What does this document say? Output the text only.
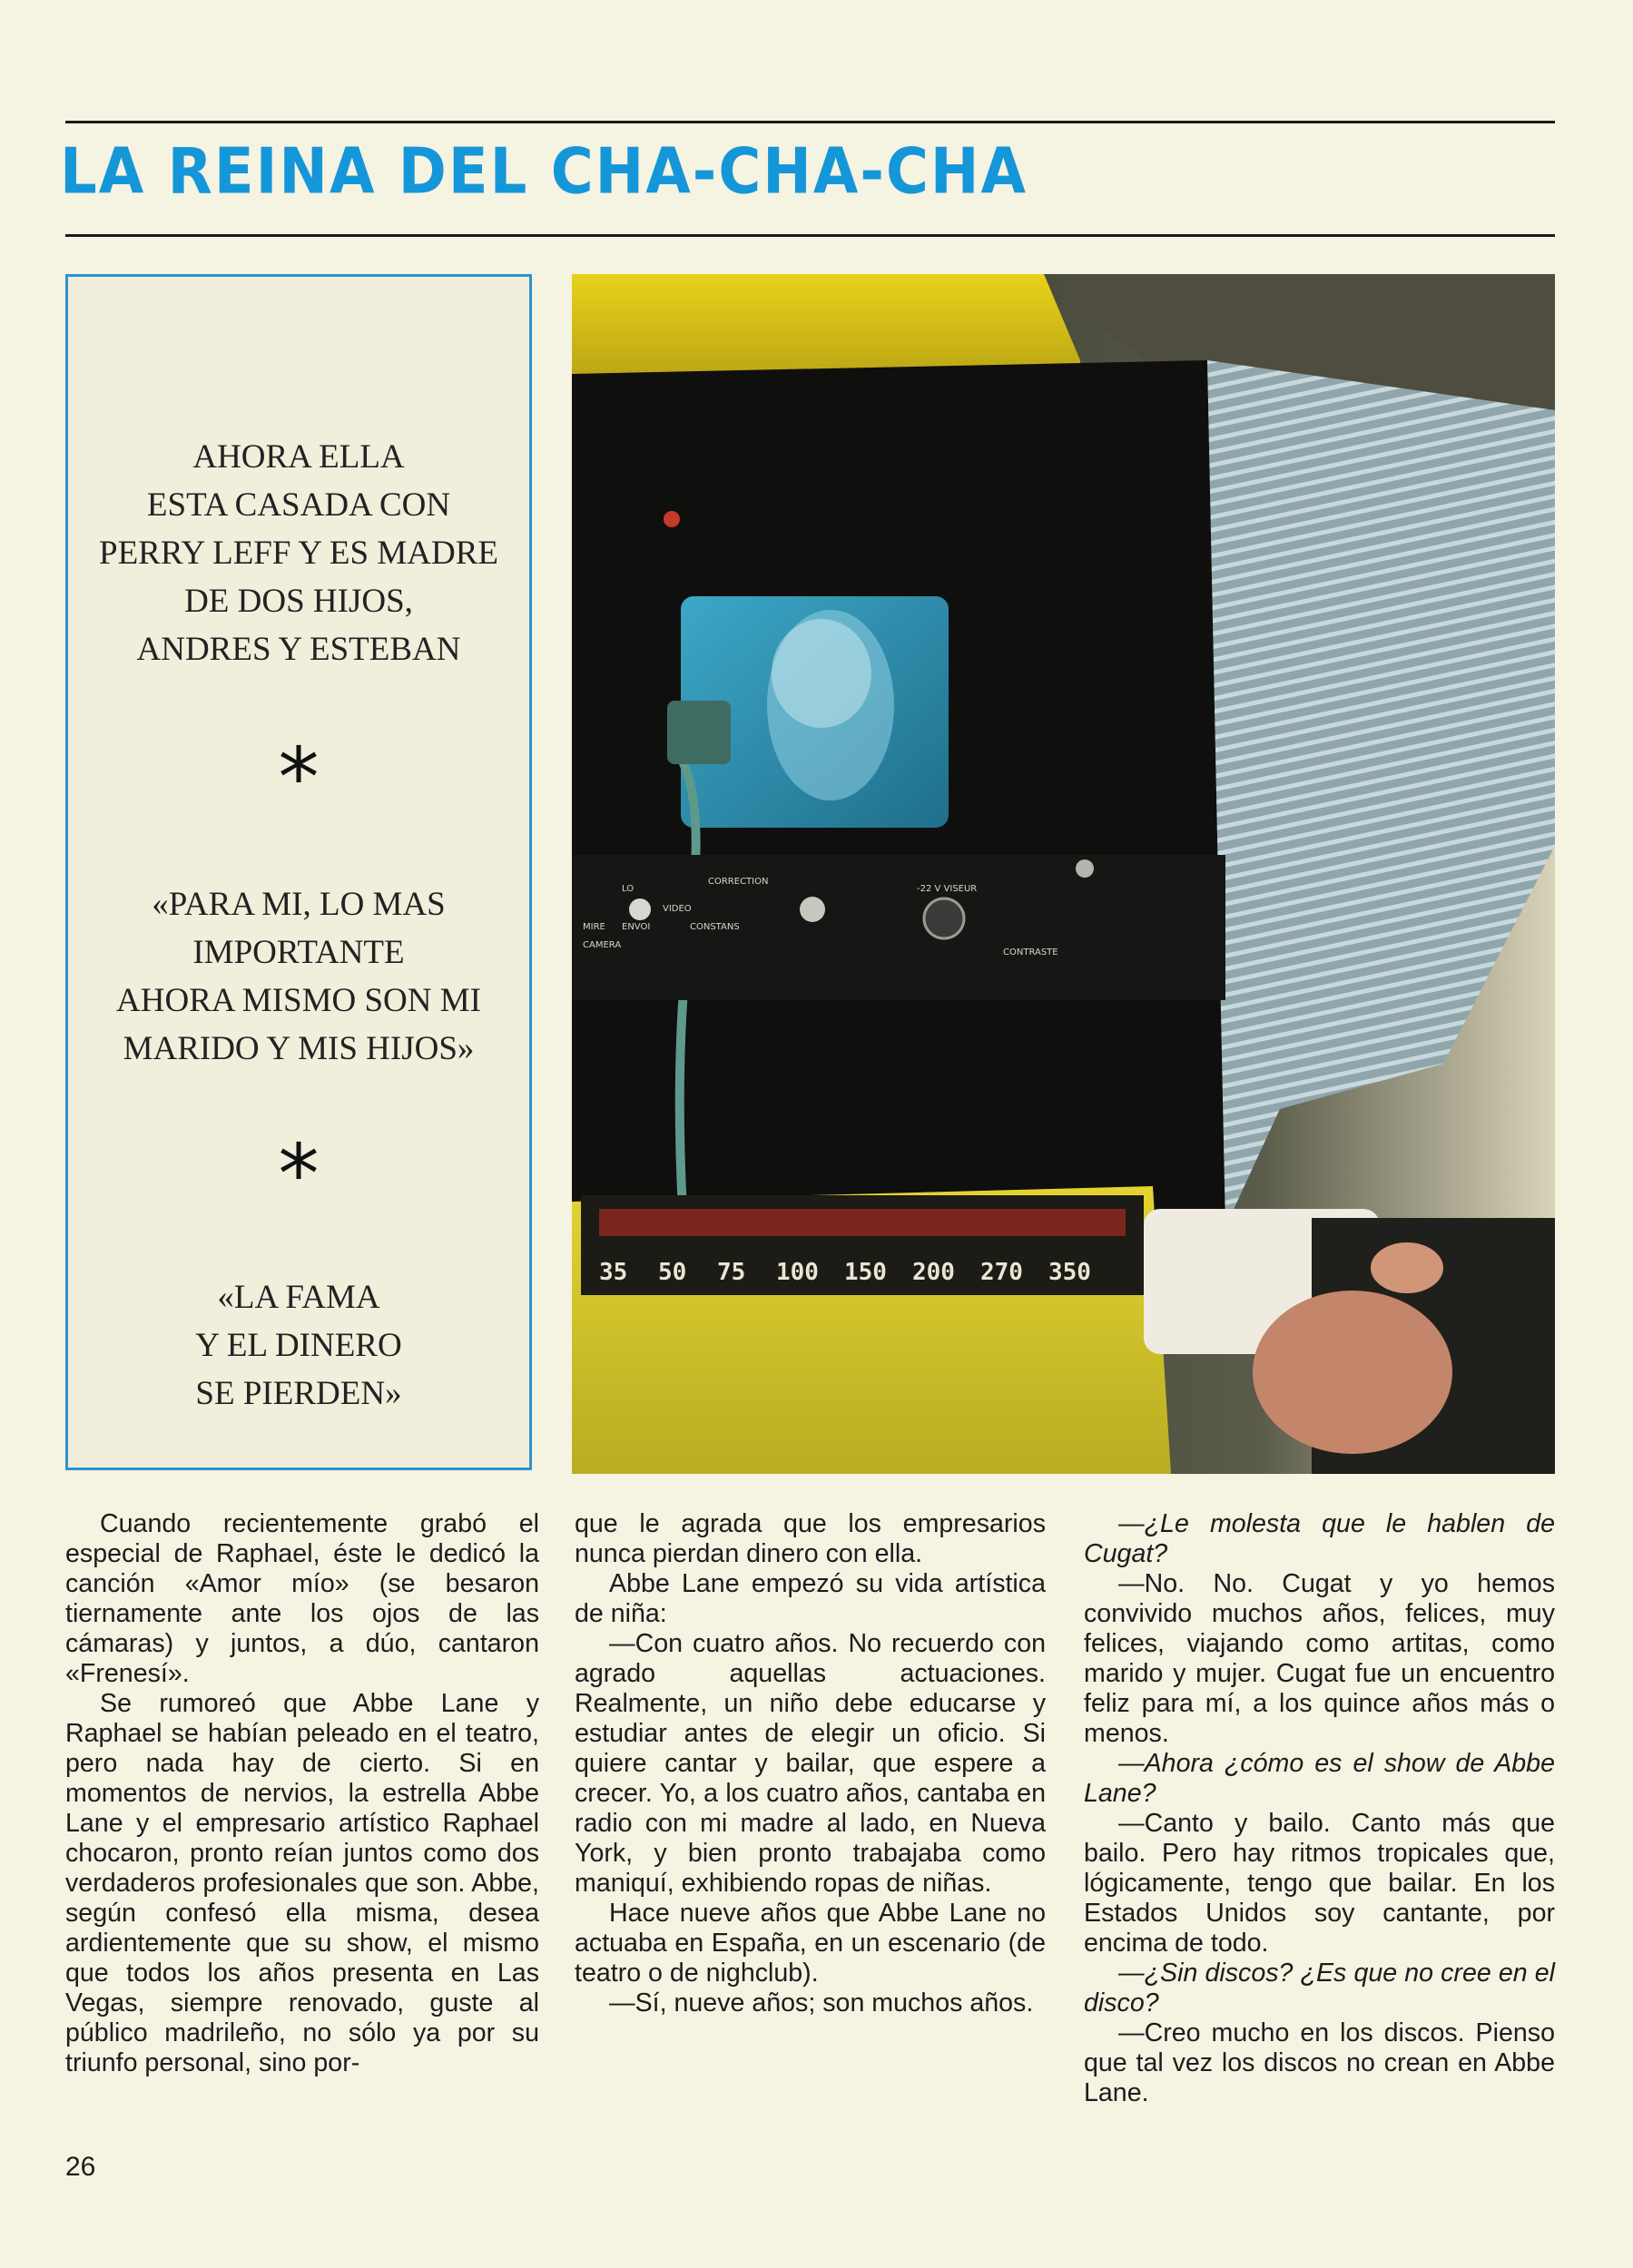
LA REINA DEL CHA-CHA-CHA
AHORA ELLA
ESTA CASADA CON
PERRY LEFF Y ES MADRE
DE DOS HIJOS,
ANDRES Y ESTEBAN
*
«PARA MI, LO MAS
IMPORTANTE
AHORA MISMO SON MI
MARIDO Y MIS HIJOS»
*
«LA FAMA
Y EL DINERO
SE PIERDEN»
35 50 75 100 150 200 270 350
LO
CORRECTION
VIDEO
ENVOI
MIRE
-22 V VISEUR
CONTRASTE
CAMERA
CONSTANS

Cuando recientemente grabó el especial de Raphael, éste le dedicó la canción «Amor mío» (se besaron tiernamente ante los ojos de las cámaras) y juntos, a dúo, cantaron «Frenesí».

Se rumoreó que Abbe Lane y Raphael se habían peleado en el teatro, pero nada hay de cierto. Si en momentos de nervios, la estrella Abbe Lane y el empresario artístico Raphael chocaron, pronto reían juntos como dos verdaderos profesionales que son. Abbe, según confesó ella misma, desea ardientemente que su show, el mismo que todos los años presenta en Las Vegas, siempre renovado, guste al público madrileño, no sólo ya por su triunfo personal, sino por-

que le agrada que los empresarios nunca pierdan dinero con ella.

Abbe Lane empezó su vida artística de niña:

—Con cuatro años. No recuerdo con agrado aquellas actuaciones. Realmente, un niño debe educarse y estudiar antes de elegir un oficio. Si quiere cantar y bailar, que espere a crecer. Yo, a los cuatro años, cantaba en radio con mi madre al lado, en Nueva York, y bien pronto trabajaba como maniquí, exhibiendo ropas de niñas.

Hace nueve años que Abbe Lane no actuaba en España, en un escenario (de teatro o de nighclub).

—Sí, nueve años; son muchos años.

—¿Le molesta que le hablen de Cugat?

—No. No. Cugat y yo hemos convivido muchos años, felices, muy felices, viajando como artitas, como marido y mujer. Cugat fue un encuentro feliz para mí, a los quince años más o menos.

—Ahora ¿cómo es el show de Abbe Lane?

—Canto y bailo. Canto más que bailo. Pero hay ritmos tropicales que, lógicamente, tengo que bailar. En los Estados Unidos soy cantante, por encima de todo.

—¿Sin discos? ¿Es que no cree en el disco?

—Creo mucho en los discos. Pienso que tal vez los discos no crean en Abbe Lane.

26
